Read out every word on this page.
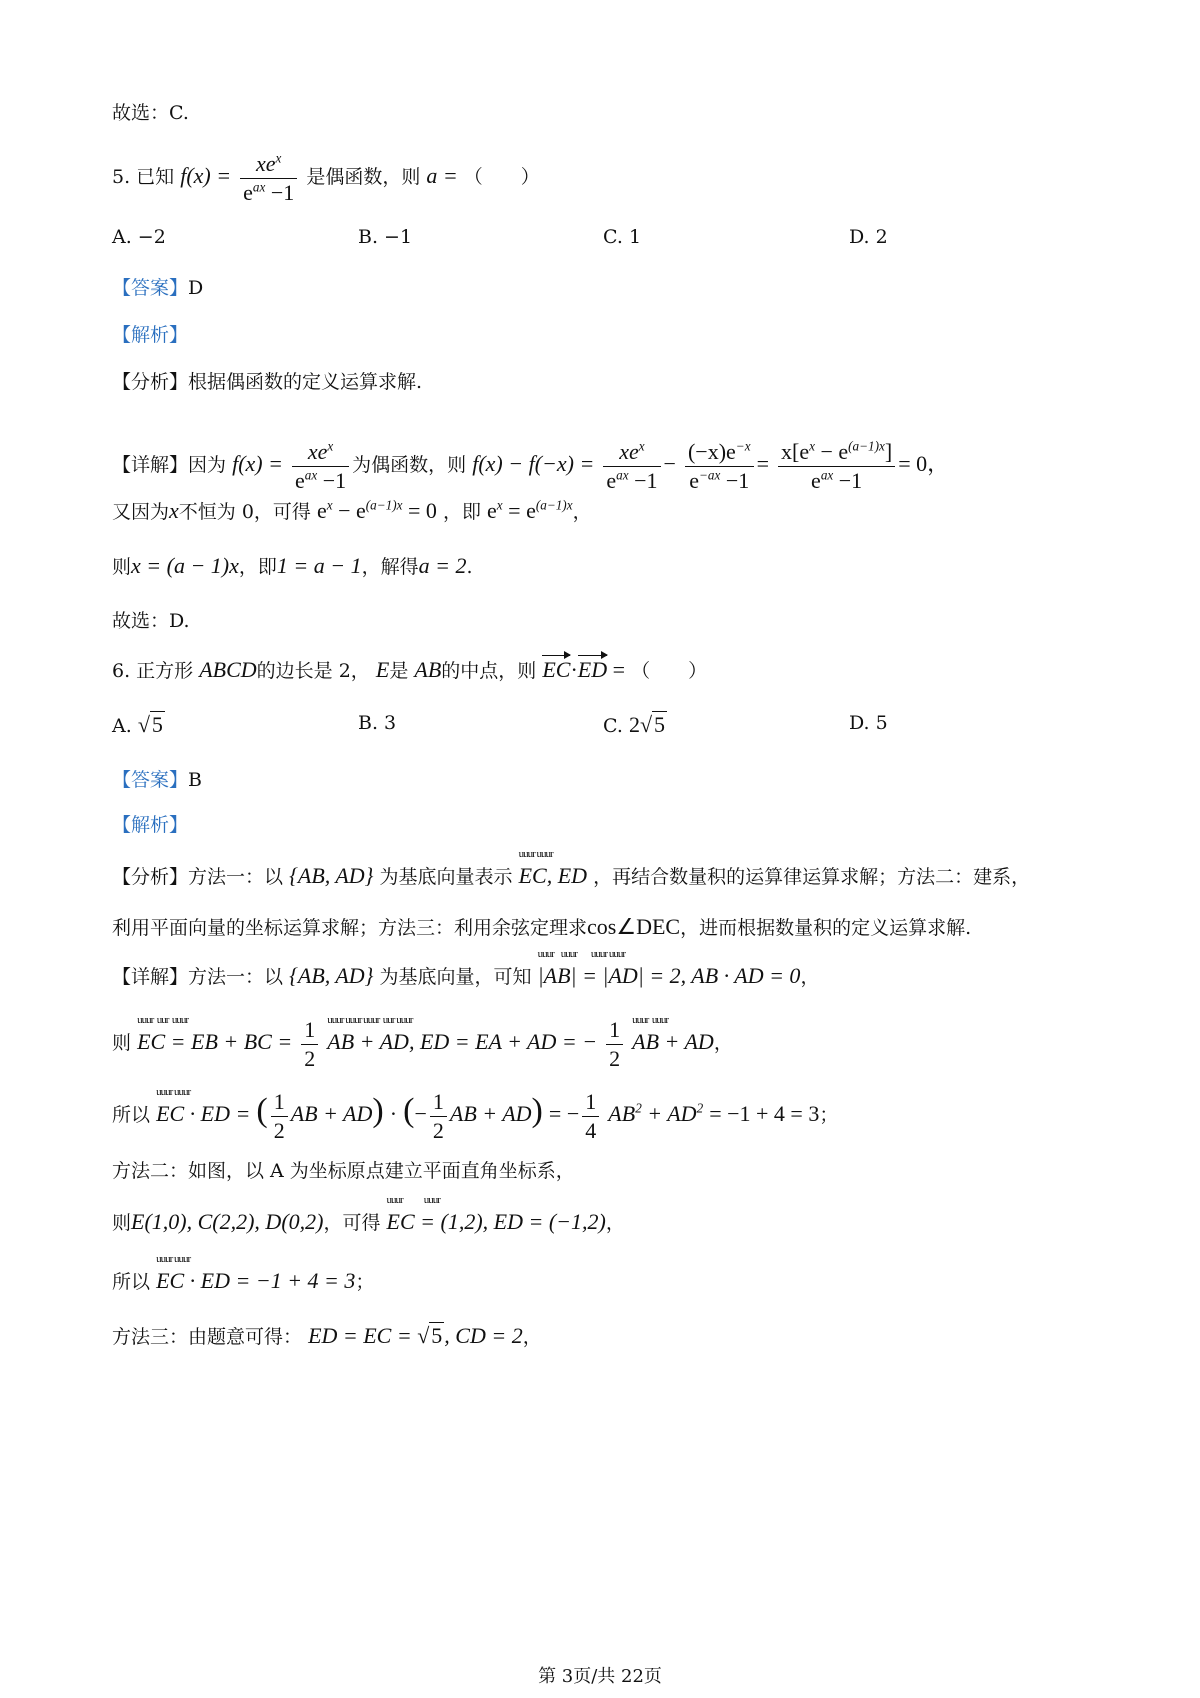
故选：C.
5. 已知 $f(x) = \frac{xe^x}{e^{ax} -1}$ 是偶函数，则 a = （　　）
A. −2	B. −1	C. 1	D. 2
【答案】D
【解析】
【分析】根据偶函数的定义运算求解.
【详解】因为 $f(x) = \frac{xe^x}{e^{ax} -1}$ 为偶函数，则 $f(x) - f(-x) = \frac{xe^x}{e^{ax} -1} - \frac{(-x)e^{-x}}{e^{-ax} -1} = \frac{x[e^x - e^{(a-1)x}]}{e^{ax} -1} = 0$，
又因为x不恒为 0，可得 $e^x - e^{(a-1)x} = 0$ ，即 $e^x = e^{(a-1)x}$，
则x = (a − 1)x，即1 = a − 1，解得a = 2.
故选：D.
6. 正方形 ABCD的边长是 2， E是 AB的中点，则 EC·ED = （　　）
A. √5	B. 3	C. 2√5	D. 5
【答案】B
【解析】
【分析】方法一：以 {AB, AD} 为基底向量表示
uuur uuur
EC, ED ，再结合数量积的运算律运算求解；方法二：建系，
利用平面向量的坐标运算求解；方法三：利用余弦定理求cos∠DEC，进而根据数量积的定义运算求解.
【详解】方法一：以 {AB, AD} 为基底向量，可知
uuur    uuur        uuur uuur
|AB| = |AD| = 2, AB · AD = 0，
则
uuur  uur  uuur
EC = EB + BC = $\frac{1}{2}$
uuur uuur uuur  uur uuur
AB + AD, ED = EA + AD = − $\frac{1}{2}$
uuur  uuur
AB + AD，
所以
uuur uuur
EC · ED = ( $\frac{1}{2}$ AB + AD) · (− $\frac{1}{2}$ AB + AD) = − $\frac{1}{4} AB^2 + AD^2 = -1 + 4 = 3$；
方法二：如图，以 A 为坐标原点建立平面直角坐标系，
则E(1,0), C(2,2), D(0,2)，可得
uuur            uuur
EC = (1,2), ED = (−1,2)，
所以
uuur uuur
EC · ED = −1 + 4 = 3；
方法三：由题意可得： ED = EC = √5, CD = 2，
第 3页/共 22页
